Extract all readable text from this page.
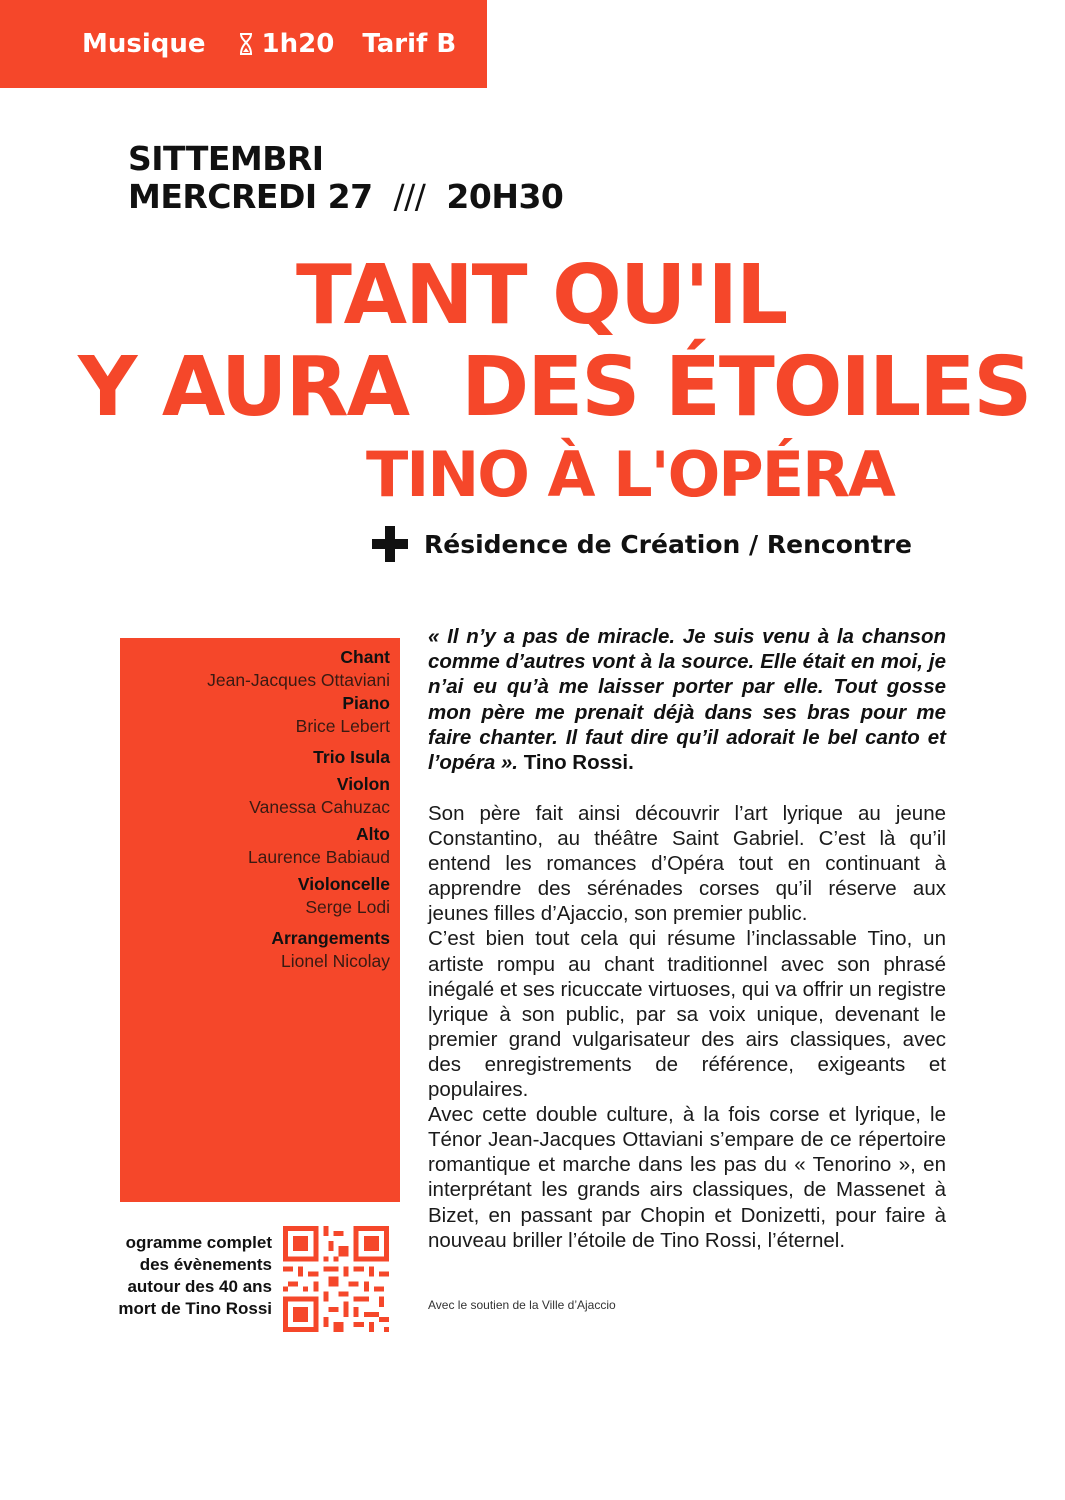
Musique 1h20 Tarif B
SITTEMBRI
MERCREDI 27 /// 20H30
TANT QU'IL
Y AURA  DES ÉTOILES
TINO À L'OPÉRA
Résidence de Création / Rencontre
Chant
Jean-Jacques Ottaviani
Piano
Brice Lebert
Trio Isula
Violon
Vanessa Cahuzac
Alto
Laurence Babiaud
Violoncelle
Serge Lodi
Arrangements
Lionel Nicolay
ogramme complet
des évènements
autour des 40 ans
mort de Tino Rossi
« Il n’y a pas de miracle. Je suis venu à la chanson comme d’autres vont à la source. Elle était en moi, je n’ai eu qu’à me laisser porter par elle. Tout gosse mon père me prenait déjà dans ses bras pour me faire chanter. Il faut dire qu’il adorait le bel canto et l’opéra ». Tino Rossi.

Son père fait ainsi découvrir l’art lyrique au jeune Constantino, au théâtre Saint Gabriel. C’est là qu’il entend les romances d’Opéra tout en continuant à apprendre des sérénades corses qu’il réserve aux jeunes filles d’Ajaccio, son premier public.

C’est bien tout cela qui résume l’inclassable Tino, un artiste rompu au chant traditionnel avec son phrasé inégalé et ses ricuccate virtuoses, qui va offrir un registre lyrique à son public, par sa voix unique, devenant le premier grand vulgarisateur des airs classiques, avec des enregistrements de référence, exigeants et populaires.

Avec cette double culture, à la fois corse et lyrique, le Ténor Jean-Jacques Ottaviani s’empare de ce répertoire romantique et marche dans les pas du « Tenorino », en interprétant les grands airs classiques, de Massenet à Bizet, en passant par Chopin et Donizetti, pour faire à nouveau briller l’étoile de Tino Rossi, l’éternel.

Avec le soutien de la Ville d’Ajaccio
